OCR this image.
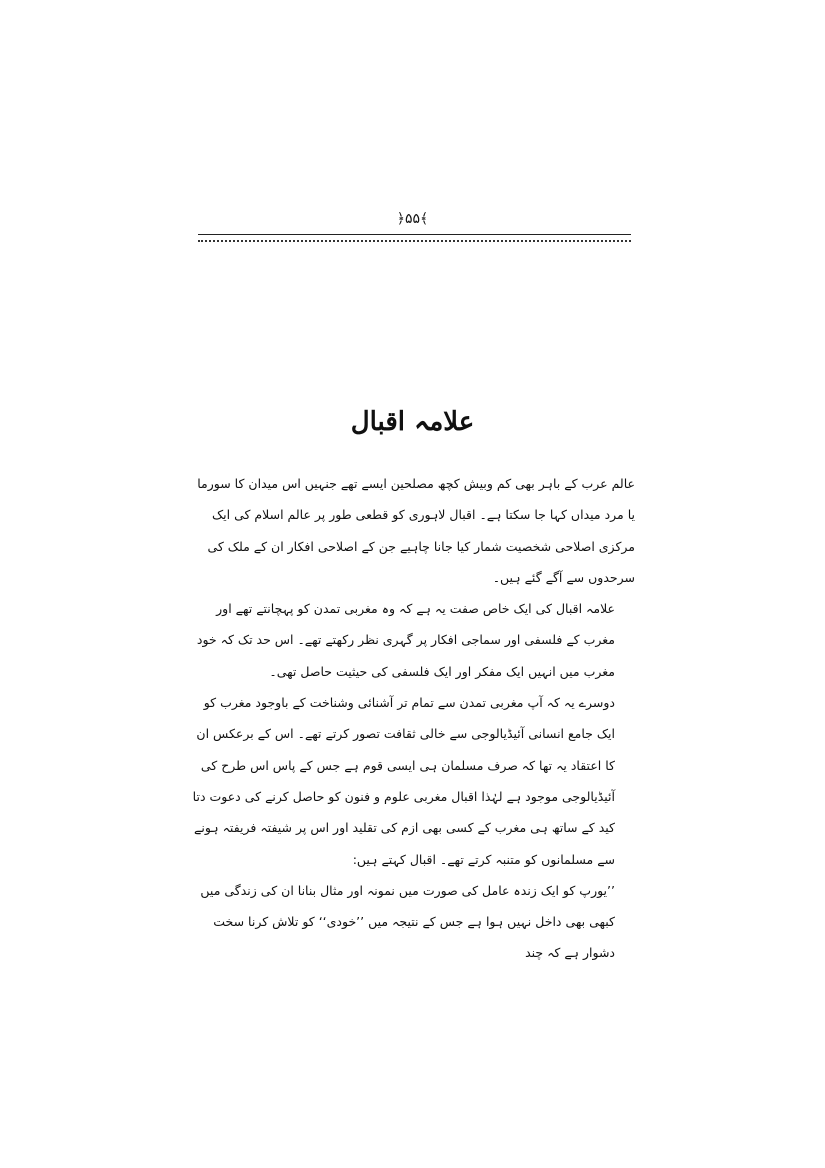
﴿۵۵﴾
علامہ اقبال

عالم عرب کے باہر بھی کم وبیش کچھ مصلحین ایسے تھے جنہیں اس میدان کا سورما یا مرد میداں کہا جا سکتا ہے۔ اقبال لاہوری کو قطعی طور پر عالم اسلام کی ایک مرکزی اصلاحی شخصیت شمار کیا جانا چاہیے جن کے اصلاحی افکار ان کے ملک کی سرحدوں سے آگے گئے ہیں۔

علامہ اقبال کی ایک خاص صفت یہ ہے کہ وہ مغربی تمدن کو پہچانتے تھے اور مغرب کے فلسفی اور سماجی افکار پر گہری نظر رکھتے تھے۔ اس حد تک کہ خود مغرب میں انہیں ایک مفکر اور ایک فلسفی کی حیثیت حاصل تھی۔

دوسرے یہ کہ آپ مغربی تمدن سے تمام تر آشنائی وشناخت کے باوجود مغرب کو ایک جامع انسانی آئیڈیالوجی سے خالی ثقافت تصور کرتے تھے۔ اس کے برعکس ان کا اعتقاد یہ تھا کہ صرف مسلمان ہی ایسی قوم ہے جس کے پاس اس طرح کی آئیڈیالوجی موجود ہے لہٰذا اقبال مغربی علوم و فنون کو حاصل کرنے کی دعوت دتا کید کے ساتھ ہی مغرب کے کسی بھی ازم کی تقلید اور اس پر شیفتہ فریفتہ ہونے سے مسلمانوں کو متنبہ کرتے تھے۔ اقبال کہتے ہیں:

’’یورپ کو ایک زندہ عامل کی صورت میں نمونہ اور مثال بنانا ان کی زندگی میں کبھی بھی داخل نہیں ہوا ہے جس کے نتیجہ میں ’’خودی‘‘ کو تلاش کرنا سخت دشوار ہے کہ چند
